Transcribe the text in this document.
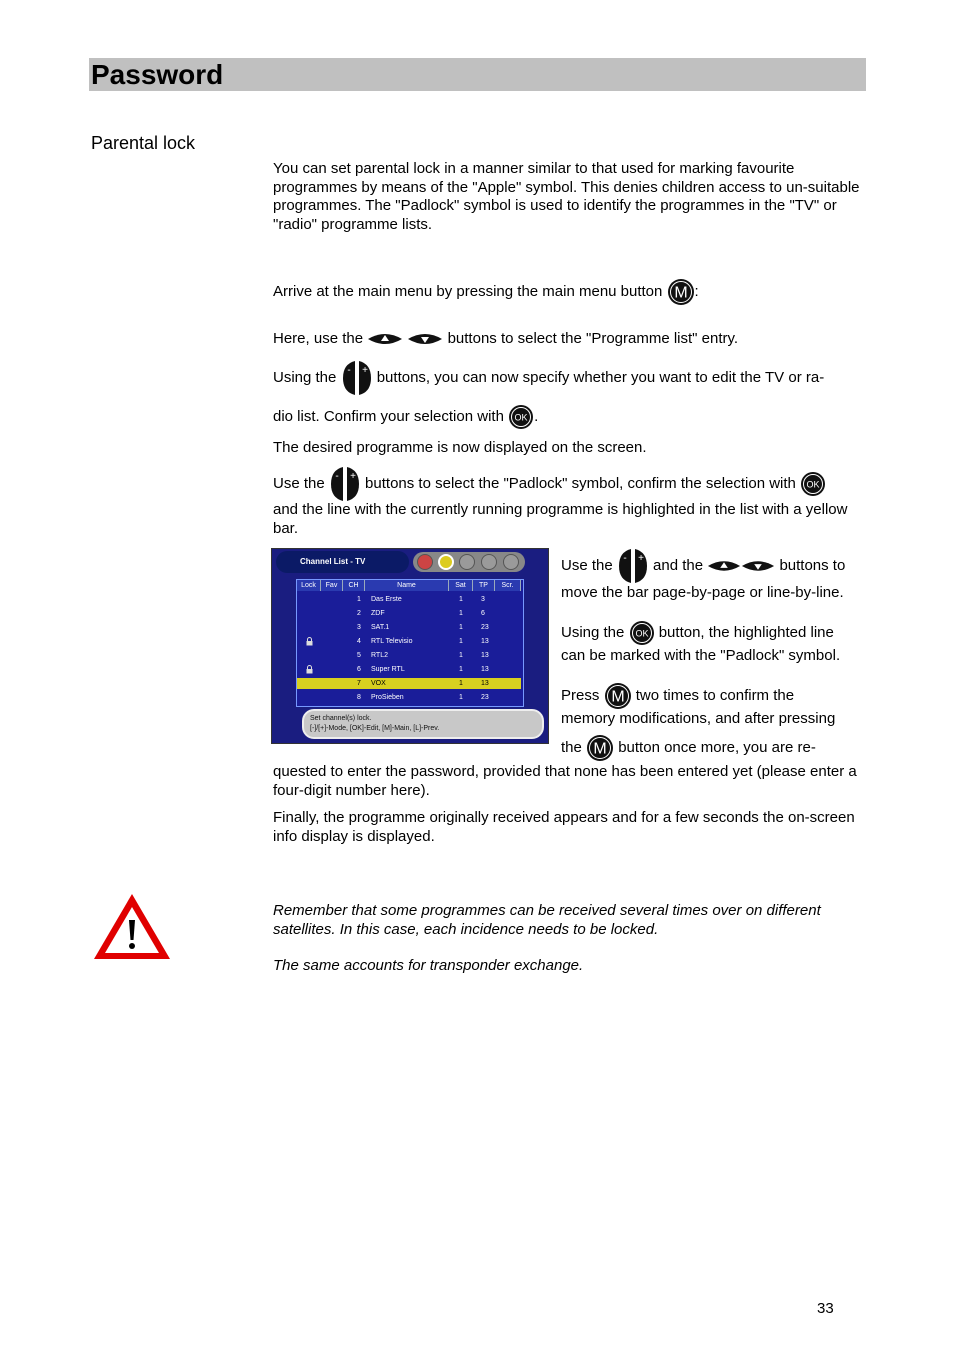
Password
Parental lock
You can set parental lock in a manner similar to that used for marking favourite programmes by means of the "Apple" symbol. This denies children access to un-suitable programmes. The "Padlock" symbol is used to identify the programmes in the "TV" or "radio" programme lists.
Arrive at the main menu by pressing the main menu button M :
Here, use the	buttons to select the "Programme list" entry.
Using the - + buttons, you can now specify whether you want to edit the TV or ra-
dio list. Confirm your selection with OK .
The desired programme is now displayed on the screen.
Use the - + buttons to select the "Padlock" symbol, confirm the selection with OK
and the line with the currently running programme is highlighted in the list with a yellow bar.
Channel List - TV
Lock	Fav	CH	Name	Sat	TP	Scr.
1 Das Erste	1	3
2 ZDF	1	6
3 SAT.1	1	23
4 RTL Televisio	1	13
5 RTL2	1	13
6 Super RTL	1	13
7 VOX	1	13
8 ProSieben	1	23
Set channel(s) lock.
[-]/[+]-Mode, [OK]-Edit, [M]-Main, [L]-Prev.
Use the - + and the	buttons to
move the bar page-by-page or line-by-line.
Using the OK button, the highlighted line
can be marked with the "Padlock" symbol.
Press M two times to confirm the
memory modifications, and after pressing
the M button once more, you are re-
quested to enter the password, provided that none has been entered yet (please enter a four-digit number here).
Finally, the programme originally received appears and for a few seconds the on-screen info display is displayed.
Remember that some programmes can be received several times over on different satellites. In this case, each incidence needs to be locked.
The same accounts for transponder exchange.
33
